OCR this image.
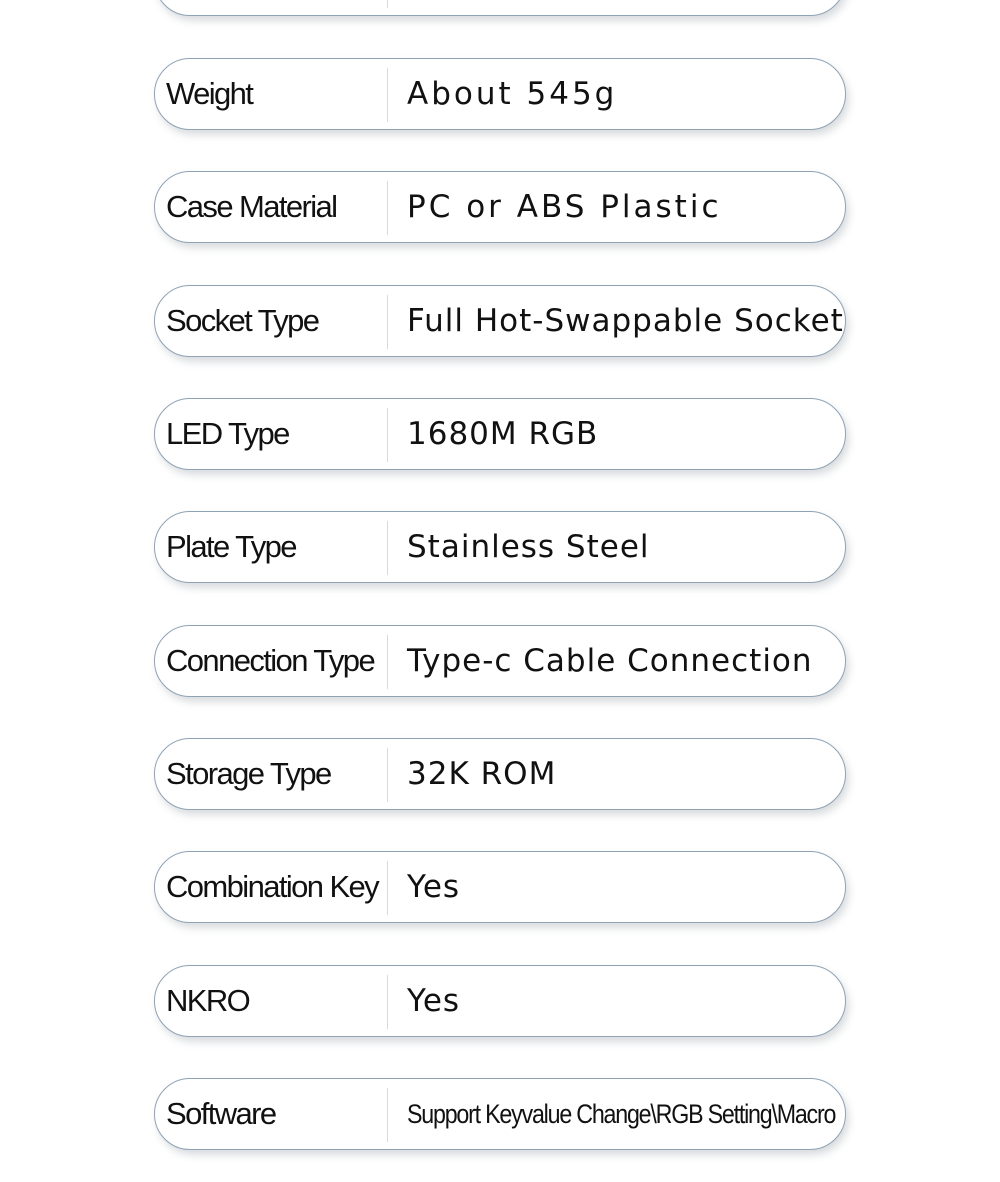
Weight	About 545g
Case Material	PC or ABS Plastic
Socket Type	Full Hot-Swappable Socket
LED Type	1680M RGB
Plate Type	Stainless Steel
Connection Type	Type-c Cable Connection
Storage Type	32K ROM
Combination Key Yes
NKRO	Yes
Software	Support Keyvalue Change\RGB Setting\Macro
